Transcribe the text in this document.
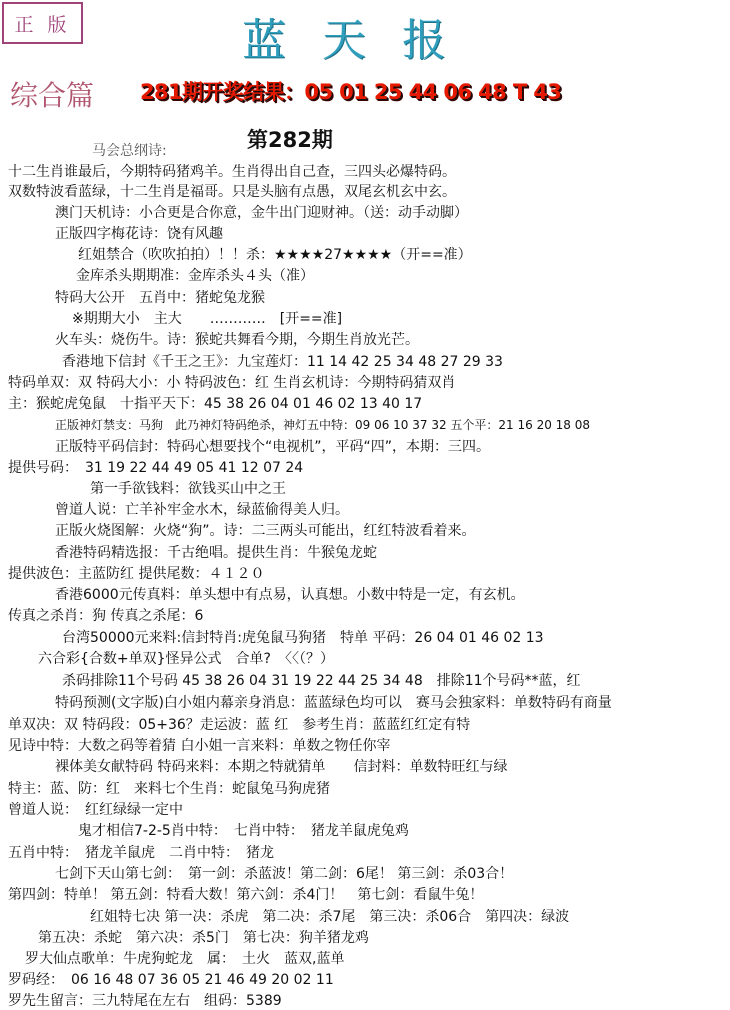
正 版	蓝天报
综合篇 281期开奖结果：05 01 25 44 06 48 T 43
第282期
马会总纲诗:
十二生肖谁最后，今期特码猪鸡羊。生肖得出自己查，三四头必爆特码。
双数特波看蓝绿，十二生肖是福哥。只是头脑有点愚，双尾玄机玄中玄。
澳门天机诗：小合更是合你意，金牛出门迎财神。（送：动手动脚）
正版四字梅花诗：饶有风趣
红姐禁合（吹吹拍拍）！！杀：★★★★27★★★★（开==准）
金库杀头期期准：金库杀头４头（准）
特码大公开　五肖中：猪蛇兔龙猴
※期期大小　主大　　…………　[开==准]
火车头：烧伤牛。诗：猴蛇共舞看今期，今期生肖放光芒。
香港地下信封《千王之王》：九宝莲灯：11 14 42 25 34 48 27 29 33
特码单双：双 特码大小：小 特码波色：红 生肖玄机诗：今期特码猜双肖
主：猴蛇虎兔鼠　十指平天下：45 38 26 04 01 46 02 13 40 17
正版神灯禁支：马狗　此乃神灯特码绝杀，神灯五中特：09 06 10 37 32 五个平：21 16 20 18 08
正版特平码信封：特码心想要找个“电视机”，平码“四”，本期：三四。
提供号码：　31 19 22 44 49 05 41 12 07 24
第一手欲钱料：欲钱买山中之王
曾道人说：亡羊补牢金水木，绿蓝偷得美人归。
正版火烧图解：火烧“狗”。诗：二三两头可能出，红红特波看着来。
香港特码精选报：千古绝唱。提供生肖：牛猴兔龙蛇
提供波色：主蓝防红 提供尾数：４１２０
香港6000元传真料：单头想中有点易，认真想。小数中特是一定，有玄机。
传真之杀肖：狗 传真之杀尾：6
台湾50000元来料:信封特肖:虎兔鼠马狗猪　特单 平码：26 04 01 46 02 13
六合彩{合数+单双}怪异公式　合单?　〈〈（？）
杀码排除11个号码 45 38 26 04 31 19 22 44 25 34 48　排除11个号码**蓝，红
特码预测(文字版)白小姐内幕亲身消息：蓝蓝绿色均可以　赛马会独家料：单数特码有商量
单双决：双 特码段：05+36？走运波：蓝 红　参考生肖：蓝蓝红红定有特
见诗中特：大数之码等着猜 白小姐一言来料：单数之物任你宰
裸体美女献特码 特码来料：本期之特就猜单　　信封料：单数特旺红与绿
特主：蓝、防：红　来料七个生肖：蛇鼠兔马狗虎猪
曾道人说：　红红绿绿一定中
鬼才相信7-2-5肖中特：　七肖中特：　猪龙羊鼠虎兔鸡
五肖中特：　猪龙羊鼠虎　二肖中特：　猪龙
七剑下天山第七剑：　第一剑：杀蓝波！第二剑：6尾！ 第三剑：杀03合！
第四剑：特单！ 第五剑：特看大数！第六剑：杀4门！　第七剑：看鼠牛兔！
红姐特七决 第一决：杀虎　第二决：杀7尾　第三决：杀06合　第四决：绿波
第五决：杀蛇　第六决：杀5门　第七决：狗羊猪龙鸡
罗大仙点歌单：牛虎狗蛇龙　属：　土火　蓝双,蓝单
罗码经：　06 16 48 07 36 05 21 46 49 20 02 11
罗先生留言：三九特尾在左右　组码：5389
